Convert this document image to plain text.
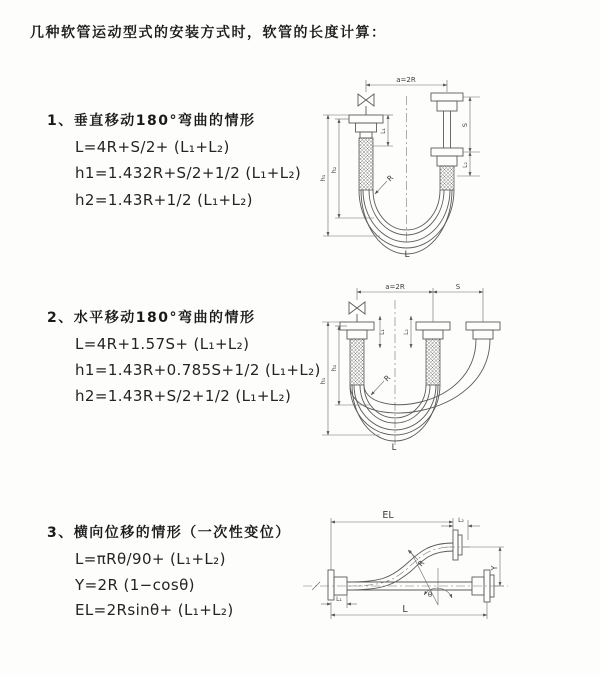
几种软管运动型式的安装方式时，软管的长度计算：
1、垂直移动180°弯曲的情形
L=4R+S/2+ (L₁+L₂)
h1=1.432R+S/2+1/2 (L₁+L₂)
h2=1.43R+1/2 (L₁+L₂)
2、水平移动180°弯曲的情形
L=4R+1.57S+ (L₁+L₂)
h1=1.43R+0.785S+1/2 (L₁+L₂)
h2=1.43R+S/2+1/2 (L₁+L₂)
3、横向位移的情形（一次性变位）
L=πRθ/90+ (L₁+L₂)
Y=2R (1−cosθ)
EL=2Rsinθ+ (L₁+L₂)
a=2R
R
h₁
h₂
L₁
S
L₂
L
a=2R	S
R
h₁
h₂
L₁	L₂
L
EL	L₂
Y
L
L₁
R
θ
